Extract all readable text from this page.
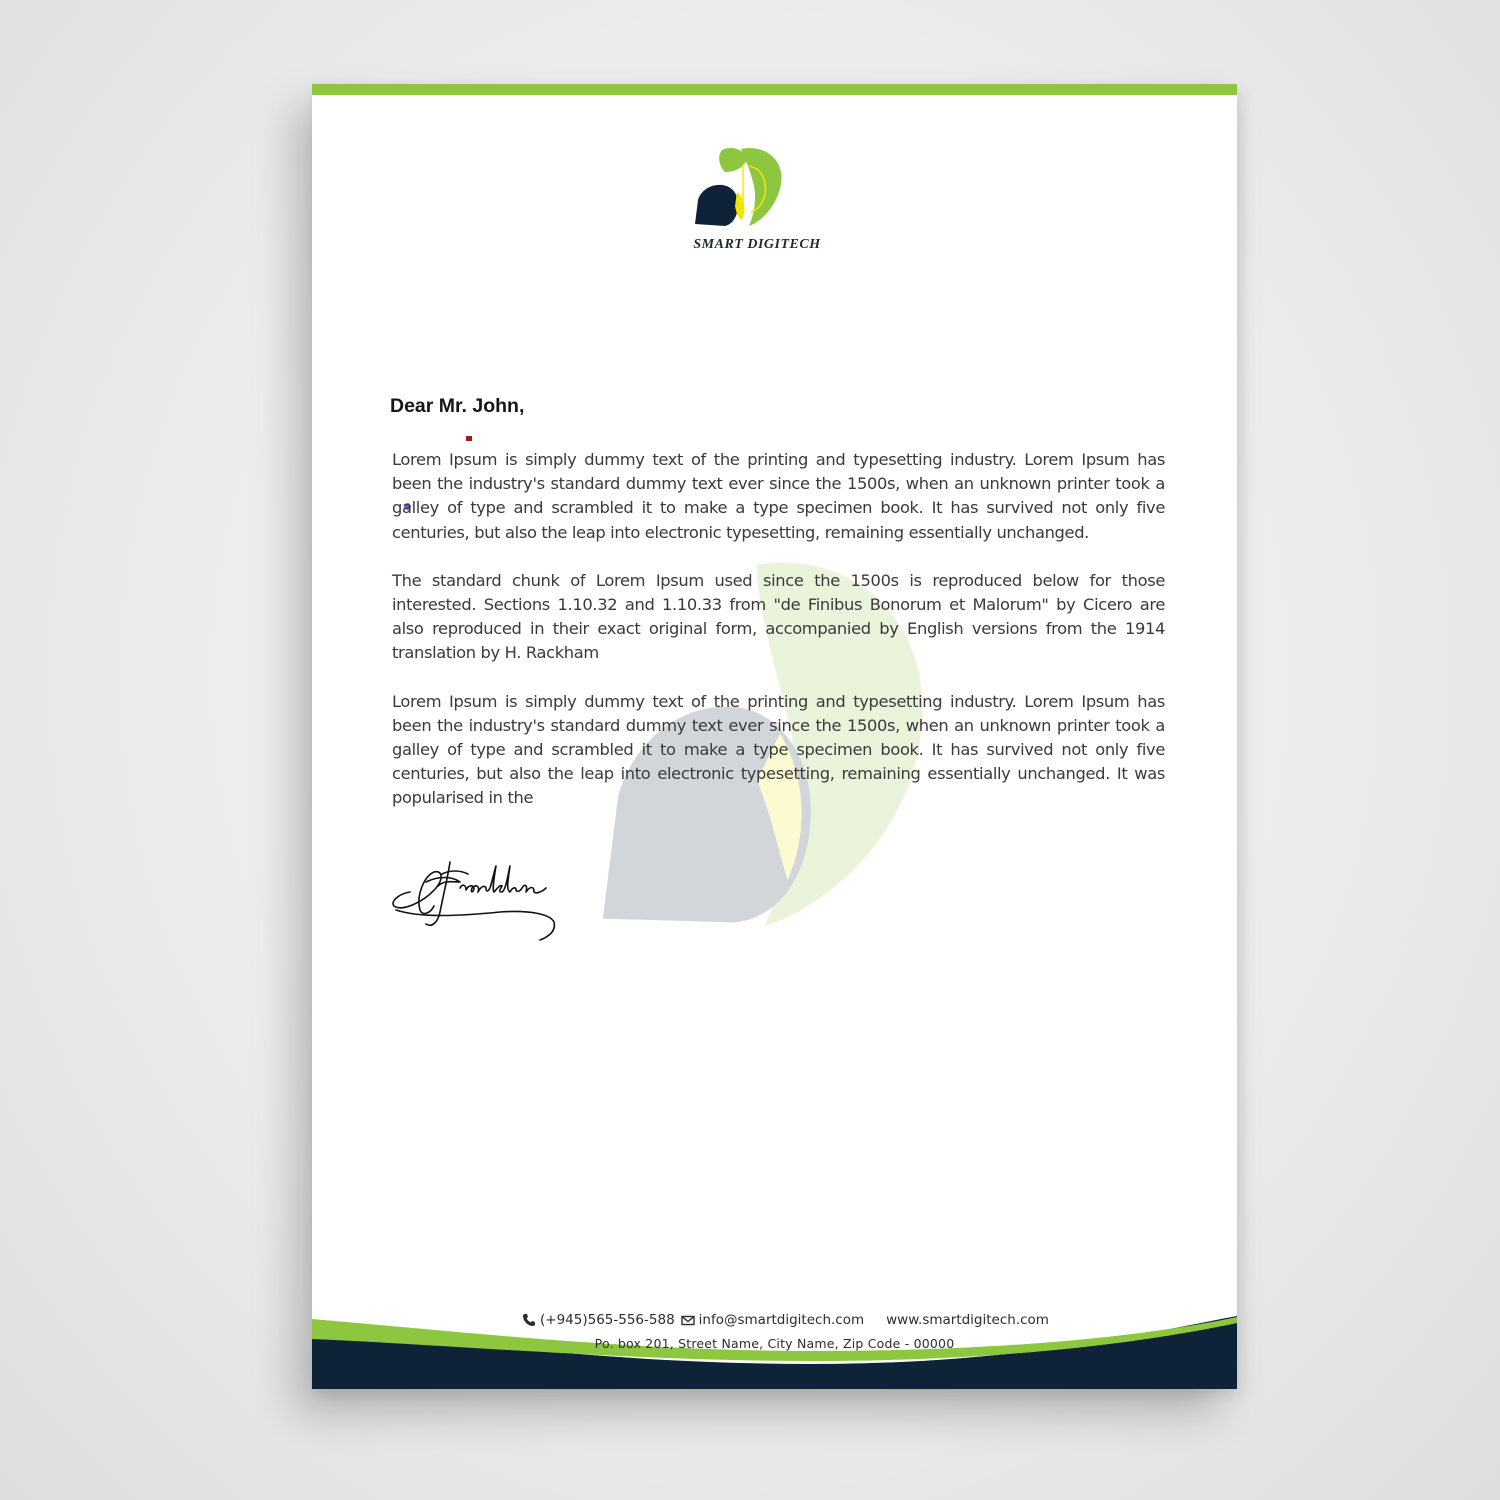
SMART DIGITECH
Dear Mr. John,

Lorem Ipsum is simply dummy text of the printing and typesetting industry. Lorem Ipsum has been the industry's standard dummy text ever since the 1500s, when an unknown printer took a galley of type and scrambled it to make a type specimen book. It has survived not only five centuries, but also the leap into electronic typesetting, remaining essentially unchanged.

The standard chunk of Lorem Ipsum used since the 1500s is reproduced below for those interested. Sections 1.10.32 and 1.10.33 from "de Finibus Bonorum et Malorum" by Cicero are also reproduced in their exact original form, accompanied by English versions from the 1914 translation by H. Rackham

Lorem Ipsum is simply dummy text of the printing and typesetting industry. Lorem Ipsum has been the industry's standard dummy text ever since the 1500s, when an unknown printer took a galley of type and scrambled it to make a type specimen book. It has survived not only five centuries, but also the leap into electronic typesetting, remaining essentially unchanged. It was popularised in the

(+945)565-556-588 info@smartdigitech.com www.smartdigitech.com
Po. box 201, Street Name, City Name, Zip Code - 00000
